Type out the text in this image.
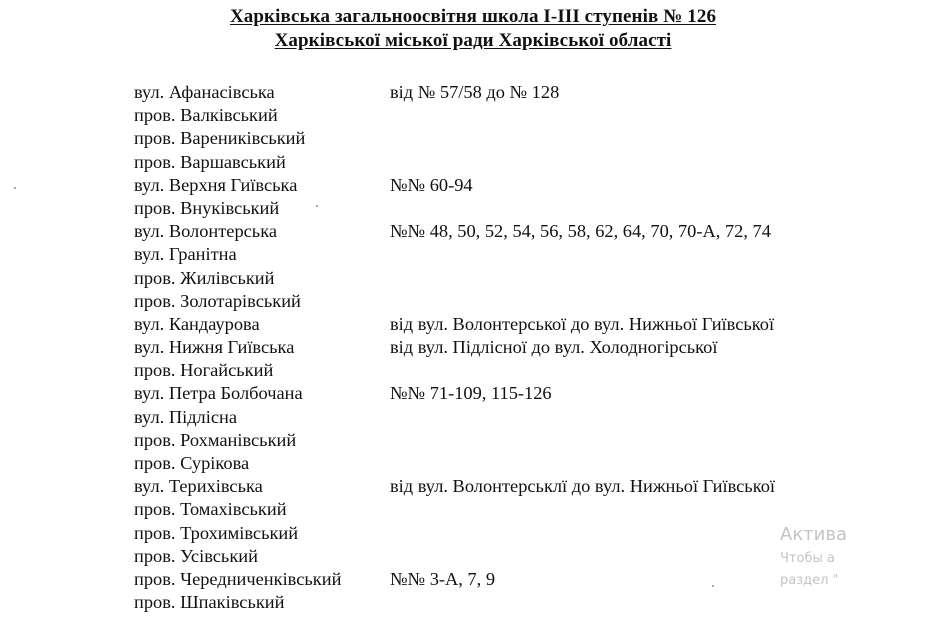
Харківська загальноосвітня школа І-ІІІ ступенів № 126
Харківської міської ради Харківської області
вул. Афанасівська	від № 57/58 до № 128
пров. Валківський
пров. Варениківський
пров. Варшавський
вул. Верхня Гиївська	№№ 60-94
пров. Внуківський
вул. Волонтерська	№№ 48, 50, 52, 54, 56, 58, 62, 64, 70, 70-А, 72, 74
вул. Гранітна
пров. Жилівський
пров. Золотарівський
вул. Кандаурова	від вул. Волонтерської до вул. Нижньої Гиївської
вул. Нижня Гиївська	від вул. Підлісної до вул. Холодногірської
пров. Ногайський
вул. Петра Болбочана	№№ 71-109, 115-126
вул. Підлісна
пров. Рохманівський
пров. Сурікова
вул. Терихівська	від вул. Волонтерськлї до вул. Нижньої Гиївської
пров. Томахівський
пров. Трохимівський
пров. Усівський
пров. Чередниченківський	№№ 3-А, 7, 9
пров. Шпаківський
Актива
Чтобы а
раздел "
